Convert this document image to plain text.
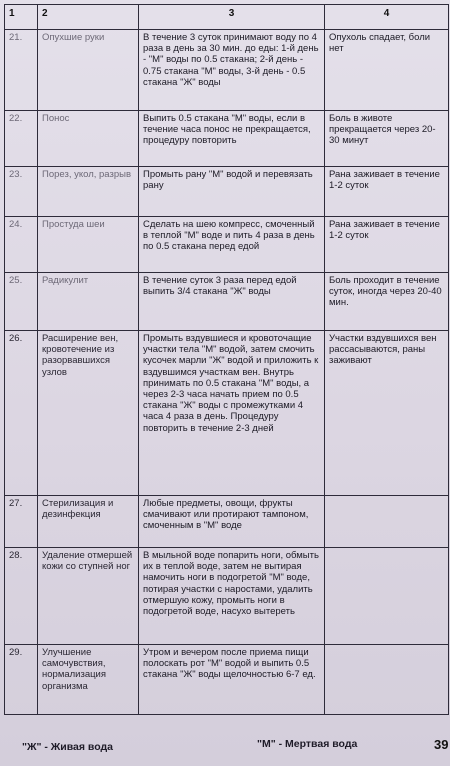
1	2	3	4
21.	Опухшие руки	В течение 3 суток принимают воду по 4 раза в день за 30 мин. до еды: 1-й день - "М" воды по 0.5 стакана; 2-й день - 0.75 стакана "М" воды, 3-й день - 0.5 стакана "Ж" воды	Опухоль спадает, боли нет
22.	Понос	Выпить 0.5 стакана "М" воды, если в течение часа понос не прекращается, процедуру повторить	Боль в животе прекращается через 20-30 минут
23.	Порез, укол, разрыв	Промыть рану "М" водой и перевязать рану	Рана заживает в течение 1-2 суток
24.	Простуда шеи	Сделать на шею компресс, смоченный в теплой "М" воде и пить 4 раза в день по 0.5 стакана перед едой	Рана заживает в течение 1-2 суток
25.	Радикулит	В течение суток 3 раза перед едой выпить 3/4 стакана "Ж" воды	Боль проходит в течение суток, иногда через 20-40 мин.
26.	Расширение вен, кровотечение из разорвавшихся узлов	Промыть вздувшиеся и кровоточащие участки тела "М" водой, затем смочить кусочек марли "Ж" водой и приложить к вздувшимся участкам вен. Внутрь принимать по 0.5 стакана "М" воды, а через 2-3 часа начать прием по 0.5 стакана "Ж" воды с промежутками 4 часа 4 раза в день. Процедуру повторить в течение 2-3 дней	Участки вздувшихся вен рассасываются, раны заживают
27.	Стерилизация и дезинфекция	Любые предметы, овощи, фрукты смачивают или протирают тампоном, смоченным в "М" воде	
28.	Удаление отмершей кожи со ступней ног	В мыльной воде попарить ноги, обмыть их в теплой воде, затем не вытирая намочить ноги в подогретой "М" воде, потирая участки с наростами, удалить отмершую кожу, промыть ноги в подогретой воде, насухо вытереть	
29.	Улучшение самочувствия, нормализация организма	Утром и вечером после приема пищи полоскать рот "М" водой и выпить 0.5 стакана "Ж" воды щелочностью 6-7 ед.	
"Ж" - Живая вода	"М" - Мертвая вода	39
